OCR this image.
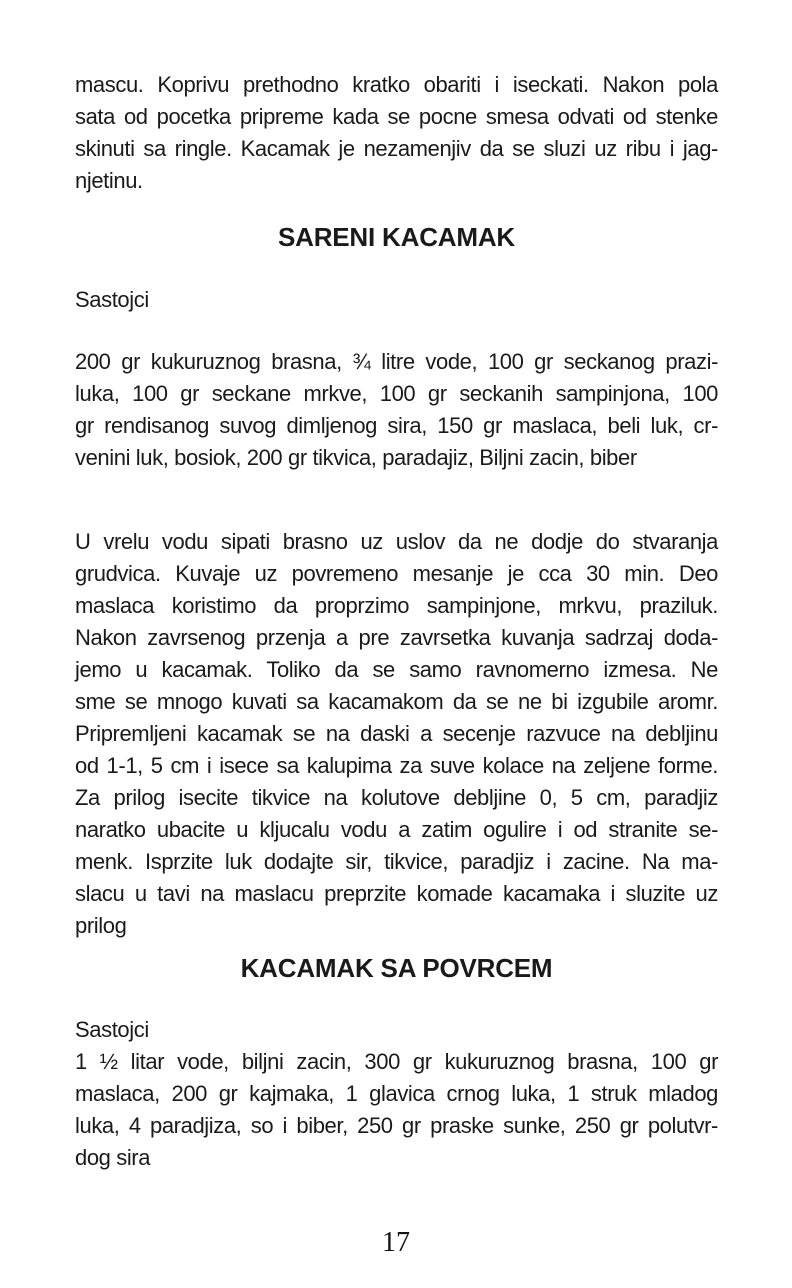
mascu. Koprivu prethodno kratko obariti i iseckati. Nakon pola
sata od pocetka pripreme kada se pocne smesa odvati od stenke
skinuti sa ringle. Kacamak je nezamenjiv da se sluzi uz ribu i jag-
njetinu.
SARENI KACAMAK
Sastojci
200 gr kukuruznog brasna, ¾ litre vode, 100 gr seckanog prazi-
luka, 100 gr seckane mrkve, 100 gr seckanih sampinjona, 100
gr rendisanog suvog dimljenog sira, 150 gr maslaca, beli luk, cr-
venini luk, bosiok, 200 gr tikvica, paradajiz, Biljni zacin, biber
U vrelu vodu sipati brasno uz uslov da ne dodje do stvaranja
grudvica. Kuvaje uz povremeno mesanje je cca 30 min. Deo
maslaca koristimo da proprzimo sampinjone, mrkvu, praziluk.
Nakon zavrsenog przenja a pre zavrsetka kuvanja sadrzaj doda-
jemo u kacamak. Toliko da se samo ravnomerno izmesa. Ne
sme se mnogo kuvati sa kacamakom da se ne bi izgubile aromr.
Pripremljeni kacamak se na daski a secenje razvuce na debljinu
od 1-1, 5 cm i isece sa kalupima za suve kolace na zeljene forme.
Za prilog isecite tikvice na kolutove debljine 0, 5 cm, paradjiz
naratko ubacite u kljucalu vodu a zatim ogulire i od stranite se-
menk. Isprzite luk dodajte sir, tikvice, paradjiz i zacine. Na ma-
slacu u tavi na maslacu preprzite komade kacamaka i sluzite uz
prilog
KACAMAK SA POVRCEM
Sastojci
1 ½ litar vode, biljni zacin, 300 gr kukuruznog brasna, 100 gr
maslaca, 200 gr kajmaka, 1 glavica crnog luka, 1 struk mladog
luka, 4 paradjiza, so i biber, 250 gr praske sunke, 250 gr polutvr-
dog sira
17
